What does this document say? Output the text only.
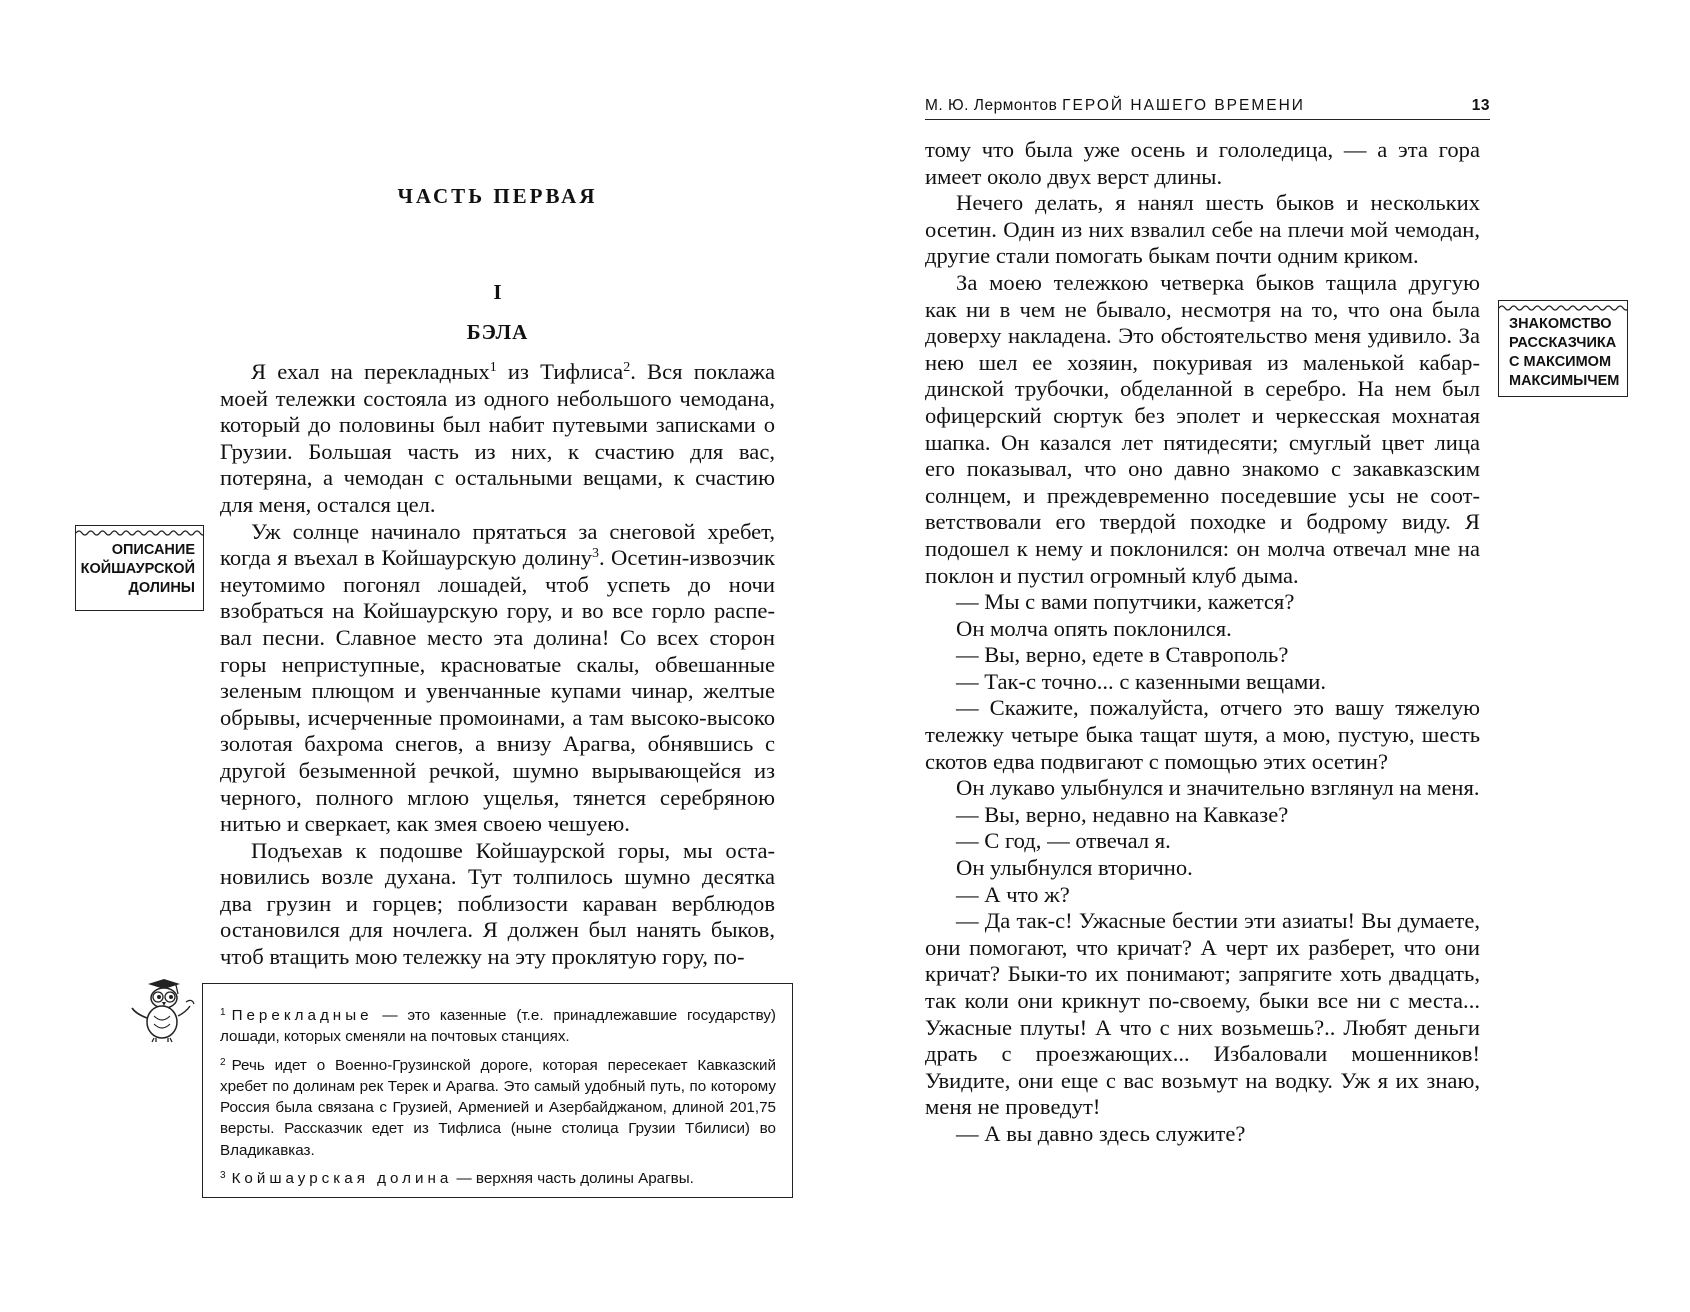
ЧАСТЬ ПЕРВАЯ
I
БЭЛА

Я ехал на перекладных$^1$ из Тифлиса$^2$. Вся поклажа моей тележки состояла из одного небольшого чемодана, который до половины был набит путевыми записками о Грузии. Большая часть из них, к счастию для вас, потеряна, а чемодан с остальными вещами, к счастию для меня, остался цел.

Уж солнце начинало прятаться за снеговой хребет, когда я въехал в Койшаурскую долину$^3$. Осетин-извозчик неутомимо погонял лошадей, чтоб успеть до ночи взобраться на Койшаурскую гору, и во все горло распевал песни. Славное место эта долина! Со всех сторон горы неприступные, красноватые скалы, обвешанные зеленым плющом и увенчанные купами чинар, желтые обрывы, исчерченные промоинами, а там высоко-высоко золотая бахрома снегов, а внизу Арагва, обнявшись с другой безыменной речкой, шумно вырывающейся из черного, полного мглою ущелья, тянется серебряною нитью и сверкает, как змея своею чешуею.

Подъехав к подошве Койшаурской горы, мы остановились возле духана. Тут толпилось шумно десятка два грузин и горцев; поблизости караван верблюдов остановился для ночлега. Я должен был нанять быков, чтоб втащить мою тележку на эту проклятую гору, по-

ОПИСАНИЕ КОЙШАУРСКОЙ ДОЛИНЫ

$^1$ Перекладные — это казенные (т.е. принадлежавшие государству) лошади, которых сменяли на почтовых станциях.

$^2$ Речь идет о Военно-Грузинской дороге, которая пересекает Кавказский хребет по долинам рек Терек и Арагва. Это самый удобный путь, по которому Россия была связана с Грузией, Арменией и Азербайджаном, длиной 201,75 версты. Рассказчик едет из Тифлиса (ныне столица Грузии Тбилиси) во Владикавказ.

$^3$ Койшаурская долина — верхняя часть долины Арагвы.

М. Ю. Лермонтов ГЕРОЙ НАШЕГО ВРЕМЕНИ	13

тому что была уже осень и гололедица, — а эта гора имеет около двух верст длины.

Нечего делать, я нанял шесть быков и нескольких осетин. Один из них взвалил себе на плечи мой чемодан, другие стали помогать быкам почти одним криком.

За моею тележкою четверка быков тащила другую как ни в чем не бывало, несмотря на то, что она была доверху накладена. Это обстоятельство меня удивило. За нею шел ее хозяин, покуривая из маленькой кабардинской трубочки, обделанной в серебро. На нем был офицерский сюртук без эполет и черкесская мохнатая шапка. Он казался лет пятидесяти; смуглый цвет лица его показывал, что оно давно знакомо с закавказским солнцем, и преждевременно поседевшие усы не соответствовали его твердой походке и бодрому виду. Я подошел к нему и поклонился: он молча отвечал мне на поклон и пустил огромный клуб дыма.

— Мы с вами попутчики, кажется?

Он молча опять поклонился.

— Вы, верно, едете в Ставрополь?

— Так-с точно... с казенными вещами.

— Скажите, пожалуйста, отчего это вашу тяжелую тележку четыре быка тащат шутя, а мою, пустую, шесть скотов едва подвигают с помощью этих осетин?

Он лукаво улыбнулся и значительно взглянул на меня.

— Вы, верно, недавно на Кавказе?

— С год, — отвечал я.

Он улыбнулся вторично.

— А что ж?

— Да так-с! Ужасные бестии эти азиаты! Вы думаете, они помогают, что кричат? А черт их разберет, что они кричат? Быки-то их понимают; запрягите хоть двадцать, так коли они крикнут по-своему, быки все ни с места... Ужасные плуты! А что с них возьмешь?.. Любят деньги драть с проезжающих... Избаловали мошенников! Увидите, они еще с вас возьмут на водку. Уж я их знаю, меня не проведут!

— А вы давно здесь служите?

ЗНАКОМСТВО РАССКАЗЧИКА С МАКСИМОМ МАКСИМЫЧЕМ
